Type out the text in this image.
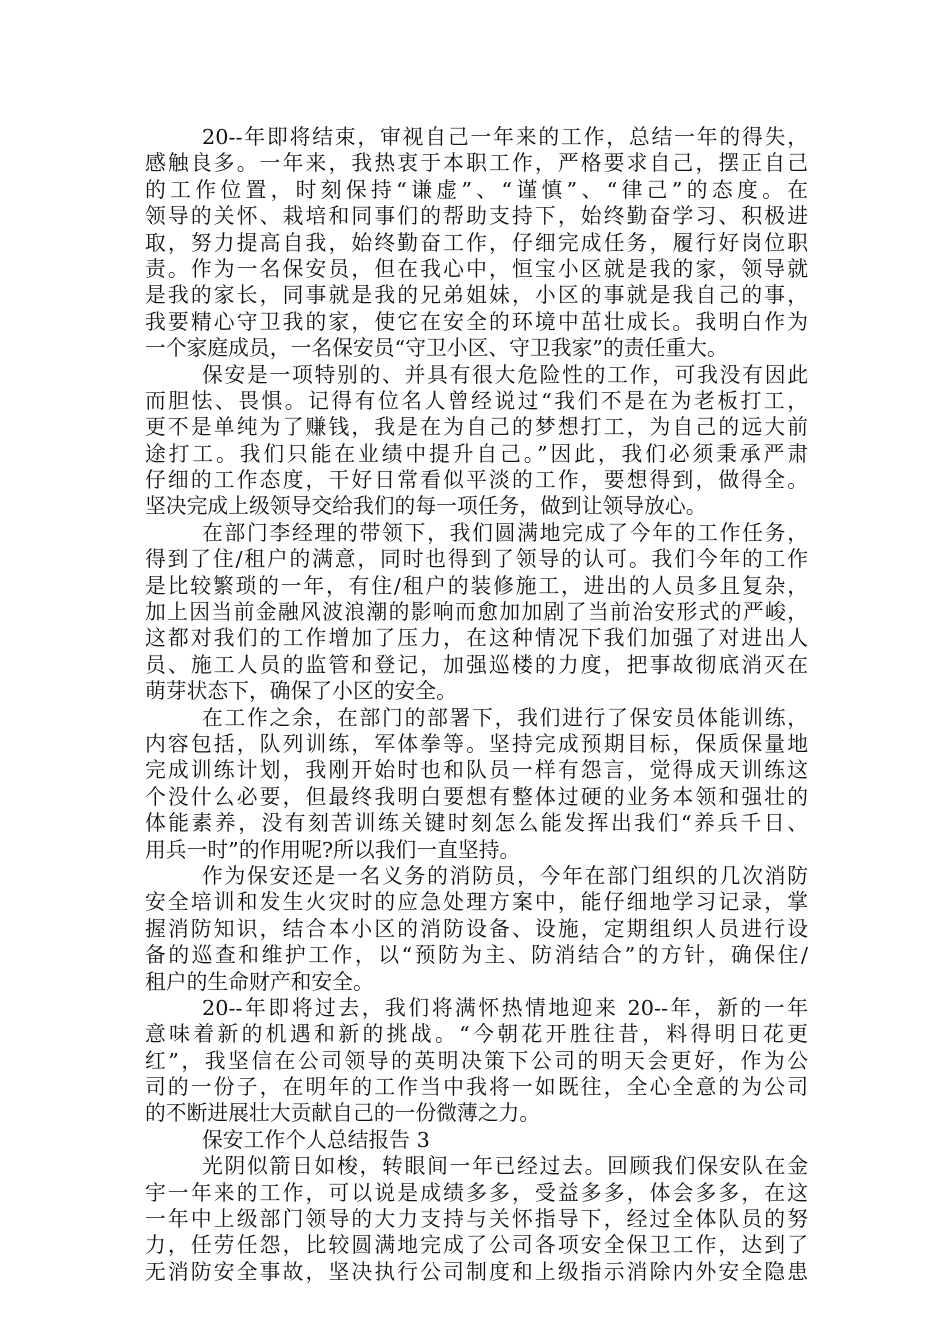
20--年即将结束，审视自己一年来的工作，总结一年的得失，
感触良多。一年来，我热衷于本职工作，严格要求自己，摆正自己
的工作位置，时刻保持“谦虚”、“谨慎”、“律己”的态度。在
领导的关怀、栽培和同事们的帮助支持下，始终勤奋学习、积极进
取，努力提高自我，始终勤奋工作，仔细完成任务，履行好岗位职
责。作为一名保安员，但在我心中，恒宝小区就是我的家，领导就
是我的家长，同事就是我的兄弟姐妹，小区的事就是我自己的事，
我要精心守卫我的家，使它在安全的环境中茁壮成长。我明白作为
一个家庭成员，一名保安员“守卫小区、守卫我家”的责任重大。
保安是一项特别的、并具有很大危险性的工作，可我没有因此
而胆怯、畏惧。记得有位名人曾经说过“我们不是在为老板打工，
更不是单纯为了赚钱，我是在为自己的梦想打工，为自己的远大前
途打工。我们只能在业绩中提升自己。”因此，我们必须秉承严肃
仔细的工作态度，干好日常看似平淡的工作，要想得到，做得全。
坚决完成上级领导交给我们的每一项任务，做到让领导放心。
在部门李经理的带领下，我们圆满地完成了今年的工作任务，
得到了住/租户的满意，同时也得到了领导的认可。我们今年的工作
是比较繁琐的一年，有住/租户的装修施工，进出的人员多且复杂，
加上因当前金融风波浪潮的影响而愈加加剧了当前治安形式的严峻，
这都对我们的工作增加了压力，在这种情况下我们加强了对进出人
员、施工人员的监管和登记，加强巡楼的力度，把事故彻底消灭在
萌芽状态下，确保了小区的安全。
在工作之余，在部门的部署下，我们进行了保安员体能训练，
内容包括，队列训练，军体拳等。坚持完成预期目标，保质保量地
完成训练计划，我刚开始时也和队员一样有怨言，觉得成天训练这
个没什么必要，但最终我明白要想有整体过硬的业务本领和强壮的
体能素养，没有刻苦训练关键时刻怎么能发挥出我们“养兵千日、
用兵一时”的作用呢?所以我们一直坚持。
作为保安还是一名义务的消防员，今年在部门组织的几次消防
安全培训和发生火灾时的应急处理方案中，能仔细地学习记录，掌
握消防知识，结合本小区的消防设备、设施，定期组织人员进行设
备的巡查和维护工作，以“预防为主、防消结合”的方针，确保住/
租户的生命财产和安全。
20--年即将过去，我们将满怀热情地迎来 20--年，新的一年
意味着新的机遇和新的挑战。“今朝花开胜往昔，料得明日花更
红”，我坚信在公司领导的英明决策下公司的明天会更好，作为公
司的一份子，在明年的工作当中我将一如既往，全心全意的为公司
的不断进展壮大贡献自己的一份微薄之力。
保安工作个人总结报告 3
光阴似箭日如梭，转眼间一年已经过去。回顾我们保安队在金
宇一年来的工作，可以说是成绩多多，受益多多，体会多多，在这
一年中上级部门领导的大力支持与关怀指导下，经过全体队员的努
力，任劳任怨，比较圆满地完成了公司各项安全保卫工作，达到了
无消防安全事故，坚决执行公司制度和上级指示消除内外安全隐患
